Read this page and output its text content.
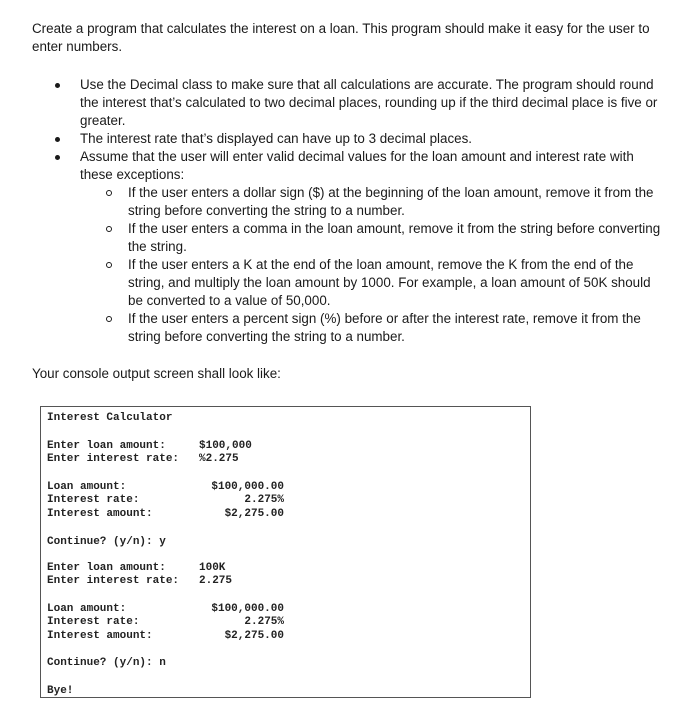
Create a program that calculates the interest on a loan. This program should make it easy for the user to enter numbers.
Use the Decimal class to make sure that all calculations are accurate. The program should round the interest that’s calculated to two decimal places, rounding up if the third decimal place is five or greater.
The interest rate that’s displayed can have up to 3 decimal places.
Assume that the user will enter valid decimal values for the loan amount and interest rate with these exceptions:
If the user enters a dollar sign ($) at the beginning of the loan amount, remove it from the string before converting the string to a number.
If the user enters a comma in the loan amount, remove it from the string before converting the string.
If the user enters a K at the end of the loan amount, remove the K from the end of the string, and multiply the loan amount by 1000. For example, a loan amount of 50K should be converted to a value of 50,000.
If the user enters a percent sign (%) before or after the interest rate, remove it from the string before converting the string to a number.
Your console output screen shall look like:
Interest Calculator
Enter loan amount:	$100,000
Enter interest rate: %2.275
Loan amount:	$100,000.00
Interest rate:	2.275%
Interest amount:	$2,275.00
Continue? (y/n): y
Enter loan amount:	100K
Enter interest rate: 2.275
Loan amount:	$100,000.00
Interest rate:	2.275%
Interest amount:	$2,275.00
Continue? (y/n): n
Bye!
